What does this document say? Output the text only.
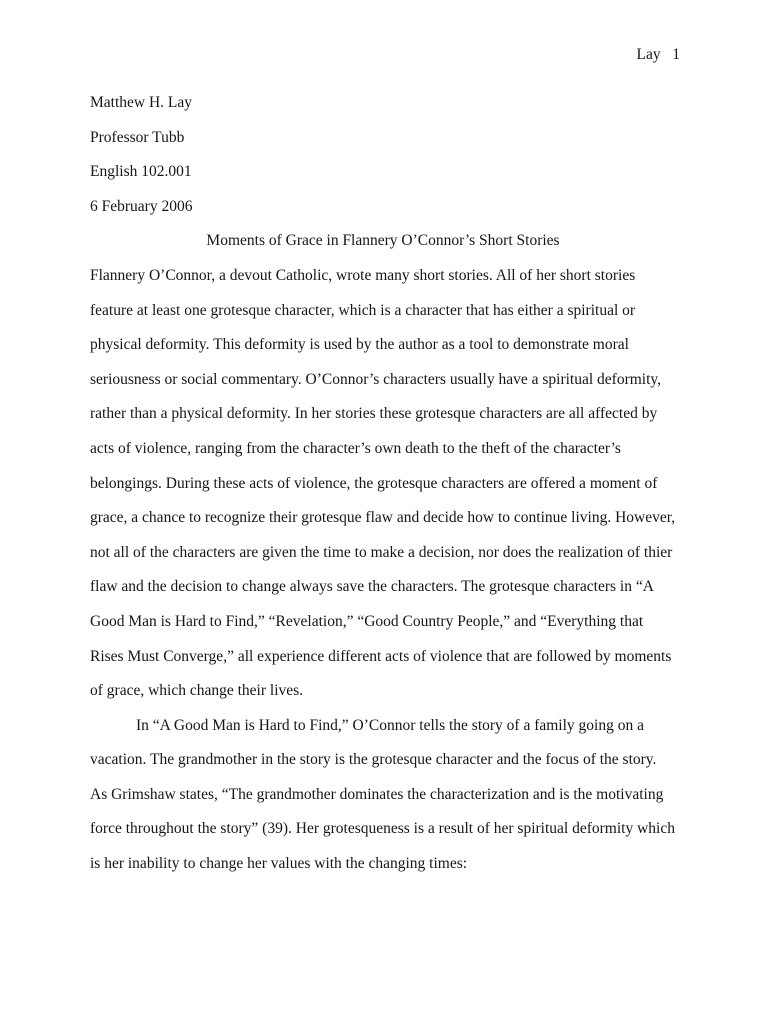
Lay   1

Matthew H. Lay

Professor Tubb

English 102.001

6 February 2006

Moments of Grace in Flannery O’Connor’s Short Stories

Flannery O’Connor, a devout Catholic, wrote many short stories. All of her short stories feature at least one grotesque character, which is a character that has either a spiritual or physical deformity. This deformity is used by the author as a tool to demonstrate moral seriousness or social commentary. O’Connor’s characters usually have a spiritual deformity, rather than a physical deformity. In her stories these grotesque characters are all affected by acts of violence, ranging from the character’s own death to the theft of the character’s belongings. During these acts of violence, the grotesque characters are offered a moment of grace, a chance to recognize their grotesque flaw and decide how to continue living. However, not all of the characters are given the time to make a decision, nor does the realization of thier flaw and the decision to change always save the characters. The grotesque characters in “A Good Man is Hard to Find,” “Revelation,” “Good Country People,” and “Everything that Rises Must Converge,” all experience different acts of violence that are followed by moments of grace, which change their lives.

In “A Good Man is Hard to Find,” O’Connor tells the story of a family going on a vacation. The grandmother in the story is the grotesque character and the focus of the story. As Grimshaw states, “The grandmother dominates the characterization and is the motivating force throughout the story” (39). Her grotesqueness is a result of her spiritual deformity which is her inability to change her values with the changing times:
